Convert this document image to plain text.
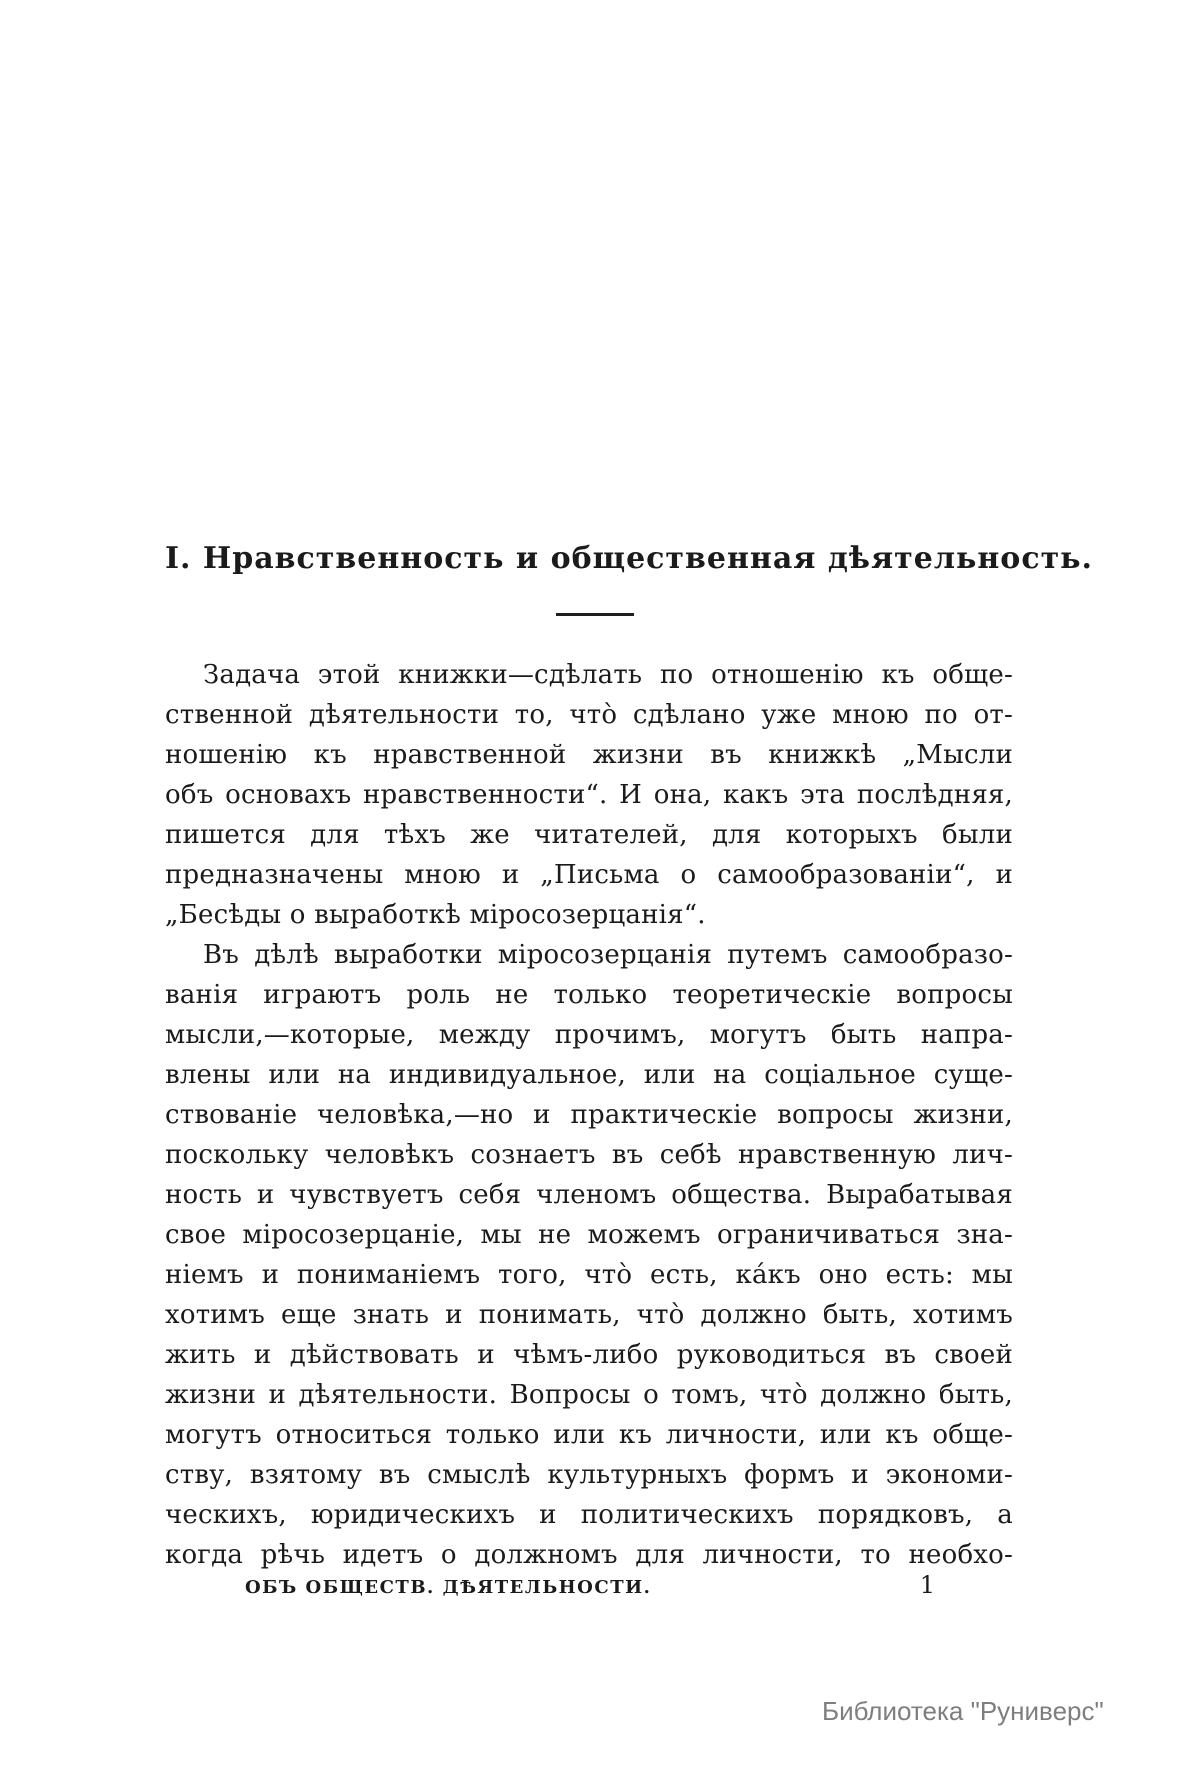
I. Нравственность и общественная дѣятельность.
Задача этой книжки—сдѣлать по отношенію къ обще-
ственной дѣятельности то, что̀ сдѣлано уже мною по от-
ношенію къ нравственной жизни въ книжкѣ „Мысли
объ основахъ нравственности“. И она, какъ эта послѣдняя,
пишется для тѣхъ же читателей, для которыхъ были
предназначены мною и „Письма о самообразованіи“, и
„Бесѣды о выработкѣ міросозерцанія“.
Въ дѣлѣ выработки міросозерцанія путемъ самообразо-
ванія играютъ роль не только теоретическіе вопросы
мысли,—которые, между прочимъ, могутъ быть напра-
влены или на индивидуальное, или на соціальное суще-
ствованіе человѣка,—но и практическіе вопросы жизни,
поскольку человѣкъ сознаетъ въ себѣ нравственную лич-
ность и чувствуетъ себя членомъ общества. Вырабатывая
свое міросозерцаніе, мы не можемъ ограничиваться зна-
ніемъ и пониманіемъ того, что̀ есть, ка́къ оно есть: мы
хотимъ еще знать и понимать, что̀ должно быть, хотимъ
жить и дѣйствовать и чѣмъ-либо руководиться въ своей
жизни и дѣятельности. Вопросы о томъ, что̀ должно быть,
могутъ относиться только или къ личности, или къ обще-
ству, взятому въ смыслѣ культурныхъ формъ и экономи-
ческихъ, юридическихъ и политическихъ порядковъ, а
когда рѣчь идетъ о должномъ для личности, то необхо-
ОБЪ ОБЩЕСТВ. ДѢЯТЕЛЬНОСТИ.	1
Библиотека "Руниверс"
